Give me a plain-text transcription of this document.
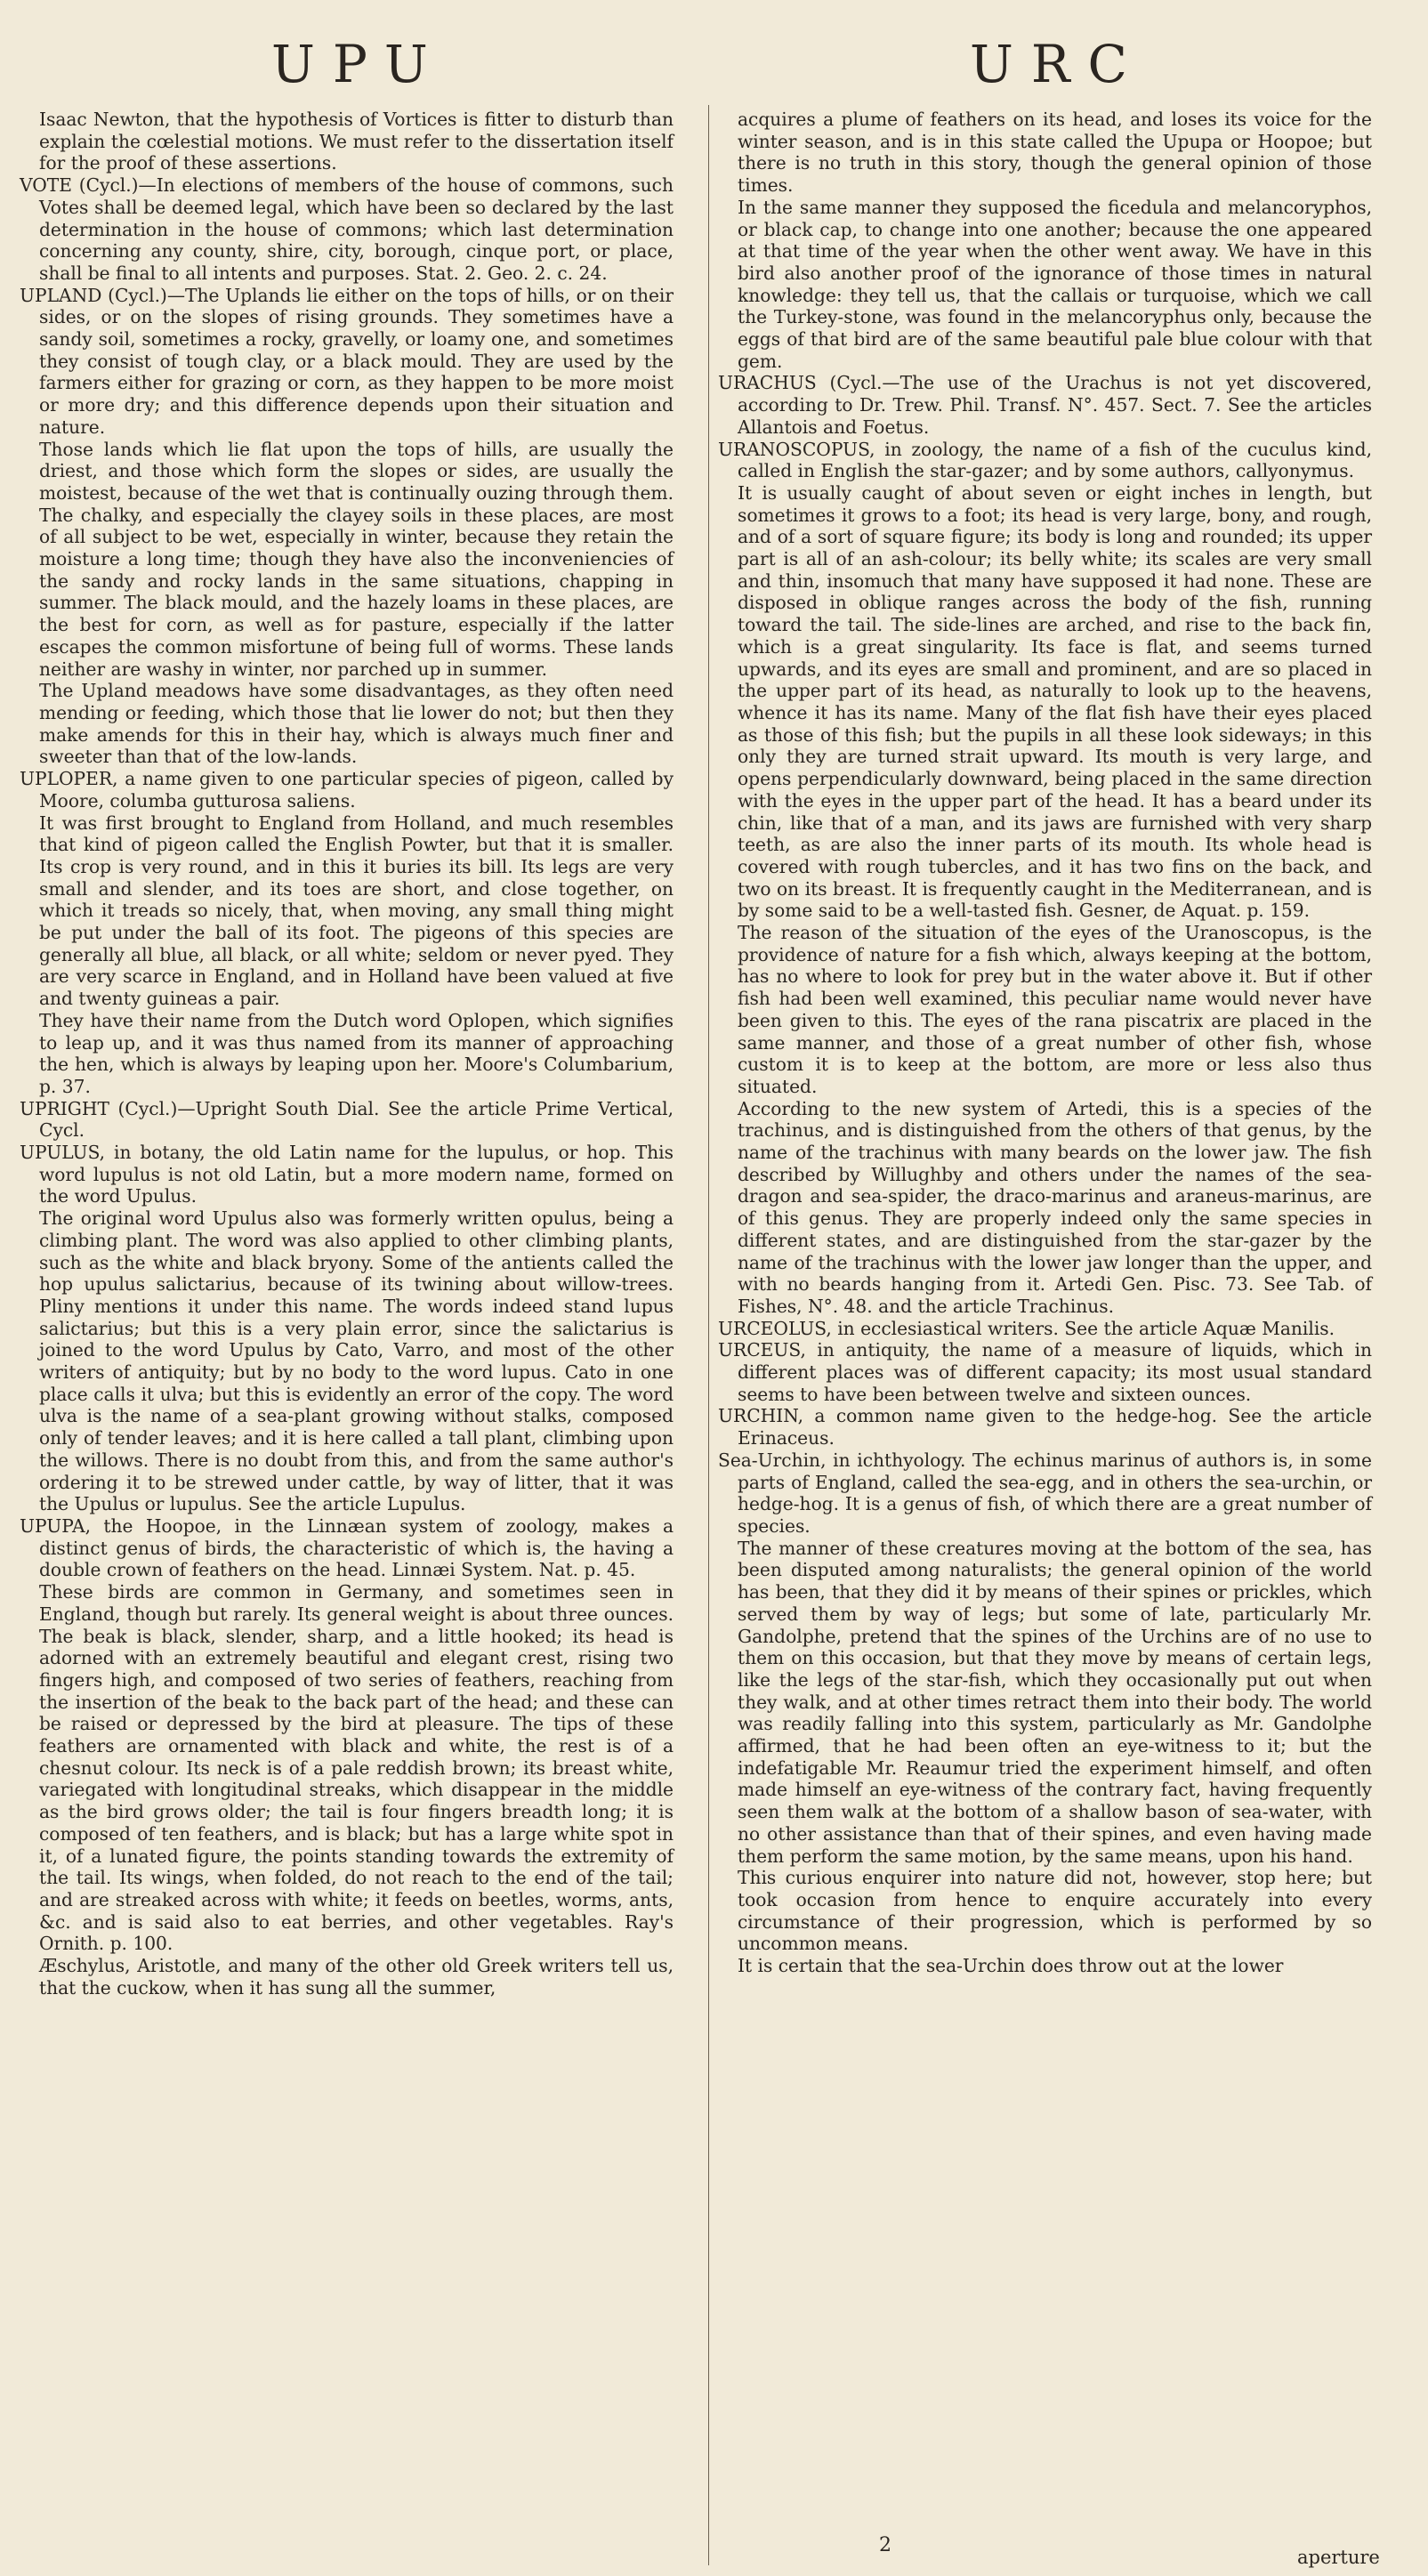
UPU	URC

Isaac Newton, that the hypothesis of Vortices is fitter to disturb than explain the cœlestial motions. We must refer to the dissertation itself for the proof of these assertions.

VOTE (Cycl.)—In elections of members of the house of commons, such Votes shall be deemed legal, which have been so declared by the last determination in the house of commons; which last determination concerning any county, shire, city, borough, cinque port, or place, shall be final to all intents and purposes. Stat. 2. Geo. 2. c. 24.

UPLAND (Cycl.)—The Uplands lie either on the tops of hills, or on their sides, or on the slopes of rising grounds. They sometimes have a sandy soil, sometimes a rocky, gravelly, or loamy one, and sometimes they consist of tough clay, or a black mould. They are used by the farmers either for grazing or corn, as they happen to be more moist or more dry; and this difference depends upon their situation and nature.

Those lands which lie flat upon the tops of hills, are usually the driest, and those which form the slopes or sides, are usually the moistest, because of the wet that is continually ouzing through them. The chalky, and especially the clayey soils in these places, are most of all subject to be wet, especially in winter, because they retain the moisture a long time; though they have also the inconveniencies of the sandy and rocky lands in the same situations, chapping in summer. The black mould, and the hazely loams in these places, are the best for corn, as well as for pasture, especially if the latter escapes the common misfortune of being full of worms. These lands neither are washy in winter, nor parched up in summer.

The Upland meadows have some disadvantages, as they often need mending or feeding, which those that lie lower do not; but then they make amends for this in their hay, which is always much finer and sweeter than that of the low-lands.

UPLOPER, a name given to one particular species of pigeon, called by Moore, columba gutturosa saliens.

It was first brought to England from Holland, and much resembles that kind of pigeon called the English Powter, but that it is smaller. Its crop is very round, and in this it buries its bill. Its legs are very small and slender, and its toes are short, and close together, on which it treads so nicely, that, when moving, any small thing might be put under the ball of its foot. The pigeons of this species are generally all blue, all black, or all white; seldom or never pyed. They are very scarce in England, and in Holland have been valued at five and twenty guineas a pair.

They have their name from the Dutch word Oplopen, which signifies to leap up, and it was thus named from its manner of approaching the hen, which is always by leaping upon her. Moore's Columbarium, p. 37.

UPRIGHT (Cycl.)—Upright South Dial. See the article Prime Vertical, Cycl.

UPULUS, in botany, the old Latin name for the lupulus, or hop. This word lupulus is not old Latin, but a more modern name, formed on the word Upulus.

The original word Upulus also was formerly written opulus, being a climbing plant. The word was also applied to other climbing plants, such as the white and black bryony. Some of the antients called the hop upulus salictarius, because of its twining about willow-trees. Pliny mentions it under this name. The words indeed stand lupus salictarius; but this is a very plain error, since the salictarius is joined to the word Upulus by Cato, Varro, and most of the other writers of antiquity; but by no body to the word lupus. Cato in one place calls it ulva; but this is evidently an error of the copy. The word ulva is the name of a sea-plant growing without stalks, composed only of tender leaves; and it is here called a tall plant, climbing upon the willows. There is no doubt from this, and from the same author's ordering it to be strewed under cattle, by way of litter, that it was the Upulus or lupulus. See the article Lupulus.

UPUPA, the Hoopoe, in the Linnæan system of zoology, makes a distinct genus of birds, the characteristic of which is, the having a double crown of feathers on the head. Linnæi System. Nat. p. 45.

These birds are common in Germany, and sometimes seen in England, though but rarely. Its general weight is about three ounces. The beak is black, slender, sharp, and a little hooked; its head is adorned with an extremely beautiful and elegant crest, rising two fingers high, and composed of two series of feathers, reaching from the insertion of the beak to the back part of the head; and these can be raised or depressed by the bird at pleasure. The tips of these feathers are ornamented with black and white, the rest is of a chesnut colour. Its neck is of a pale reddish brown; its breast white, variegated with longitudinal streaks, which disappear in the middle as the bird grows older; the tail is four fingers breadth long; it is composed of ten feathers, and is black; but has a large white spot in it, of a lunated figure, the points standing towards the extremity of the tail. Its wings, when folded, do not reach to the end of the tail; and are streaked across with white; it feeds on beetles, worms, ants, &c. and is said also to eat berries, and other vegetables. Ray's Ornith. p. 100.

Æschylus, Aristotle, and many of the other old Greek writers tell us, that the cuckow, when it has sung all the summer,

acquires a plume of feathers on its head, and loses its voice for the winter season, and is in this state called the Upupa or Hoopoe; but there is no truth in this story, though the general opinion of those times.

In the same manner they supposed the ficedula and melancoryphos, or black cap, to change into one another; because the one appeared at that time of the year when the other went away. We have in this bird also another proof of the ignorance of those times in natural knowledge: they tell us, that the callais or turquoise, which we call the Turkey-stone, was found in the melancoryphus only, because the eggs of that bird are of the same beautiful pale blue colour with that gem.

URACHUS (Cycl.—The use of the Urachus is not yet discovered, according to Dr. Trew. Phil. Transf. N°. 457. Sect. 7. See the articles Allantois and Foetus.

URANOSCOPUS, in zoology, the name of a fish of the cuculus kind, called in English the star-gazer; and by some authors, callyonymus.

It is usually caught of about seven or eight inches in length, but sometimes it grows to a foot; its head is very large, bony, and rough, and of a sort of square figure; its body is long and rounded; its upper part is all of an ash-colour; its belly white; its scales are very small and thin, insomuch that many have supposed it had none. These are disposed in oblique ranges across the body of the fish, running toward the tail. The side-lines are arched, and rise to the back fin, which is a great singularity. Its face is flat, and seems turned upwards, and its eyes are small and prominent, and are so placed in the upper part of its head, as naturally to look up to the heavens, whence it has its name. Many of the flat fish have their eyes placed as those of this fish; but the pupils in all these look sideways; in this only they are turned strait upward. Its mouth is very large, and opens perpendicularly downward, being placed in the same direction with the eyes in the upper part of the head. It has a beard under its chin, like that of a man, and its jaws are furnished with very sharp teeth, as are also the inner parts of its mouth. Its whole head is covered with rough tubercles, and it has two fins on the back, and two on its breast. It is frequently caught in the Mediterranean, and is by some said to be a well-tasted fish. Gesner, de Aquat. p. 159.

The reason of the situation of the eyes of the Uranoscopus, is the providence of nature for a fish which, always keeping at the bottom, has no where to look for prey but in the water above it. But if other fish had been well examined, this peculiar name would never have been given to this. The eyes of the rana piscatrix are placed in the same manner, and those of a great number of other fish, whose custom it is to keep at the bottom, are more or less also thus situated.

According to the new system of Artedi, this is a species of the trachinus, and is distinguished from the others of that genus, by the name of the trachinus with many beards on the lower jaw. The fish described by Willughby and others under the names of the sea-dragon and sea-spider, the draco-marinus and araneus-marinus, are of this genus. They are properly indeed only the same species in different states, and are distinguished from the star-gazer by the name of the trachinus with the lower jaw longer than the upper, and with no beards hanging from it. Artedi Gen. Pisc. 73. See Tab. of Fishes, N°. 48. and the article Trachinus.

URCEOLUS, in ecclesiastical writers. See the article Aquæ Manilis.

URCEUS, in antiquity, the name of a measure of liquids, which in different places was of different capacity; its most usual standard seems to have been between twelve and sixteen ounces.

URCHIN, a common name given to the hedge-hog. See the article Erinaceus.

Sea-Urchin, in ichthyology. The echinus marinus of authors is, in some parts of England, called the sea-egg, and in others the sea-urchin, or hedge-hog. It is a genus of fish, of which there are a great number of species.

The manner of these creatures moving at the bottom of the sea, has been disputed among naturalists; the general opinion of the world has been, that they did it by means of their spines or prickles, which served them by way of legs; but some of late, particularly Mr. Gandolphe, pretend that the spines of the Urchins are of no use to them on this occasion, but that they move by means of certain legs, like the legs of the star-fish, which they occasionally put out when they walk, and at other times retract them into their body. The world was readily falling into this system, particularly as Mr. Gandolphe affirmed, that he had been often an eye-witness to it; but the indefatigable Mr. Reaumur tried the experiment himself, and often made himself an eye-witness of the contrary fact, having frequently seen them walk at the bottom of a shallow bason of sea-water, with no other assistance than that of their spines, and even having made them perform the same motion, by the same means, upon his hand.

This curious enquirer into nature did not, however, stop here; but took occasion from hence to enquire accurately into every circumstance of their progression, which is performed by so uncommon means.

It is certain that the sea-Urchin does throw out at the lower

2
aperture
